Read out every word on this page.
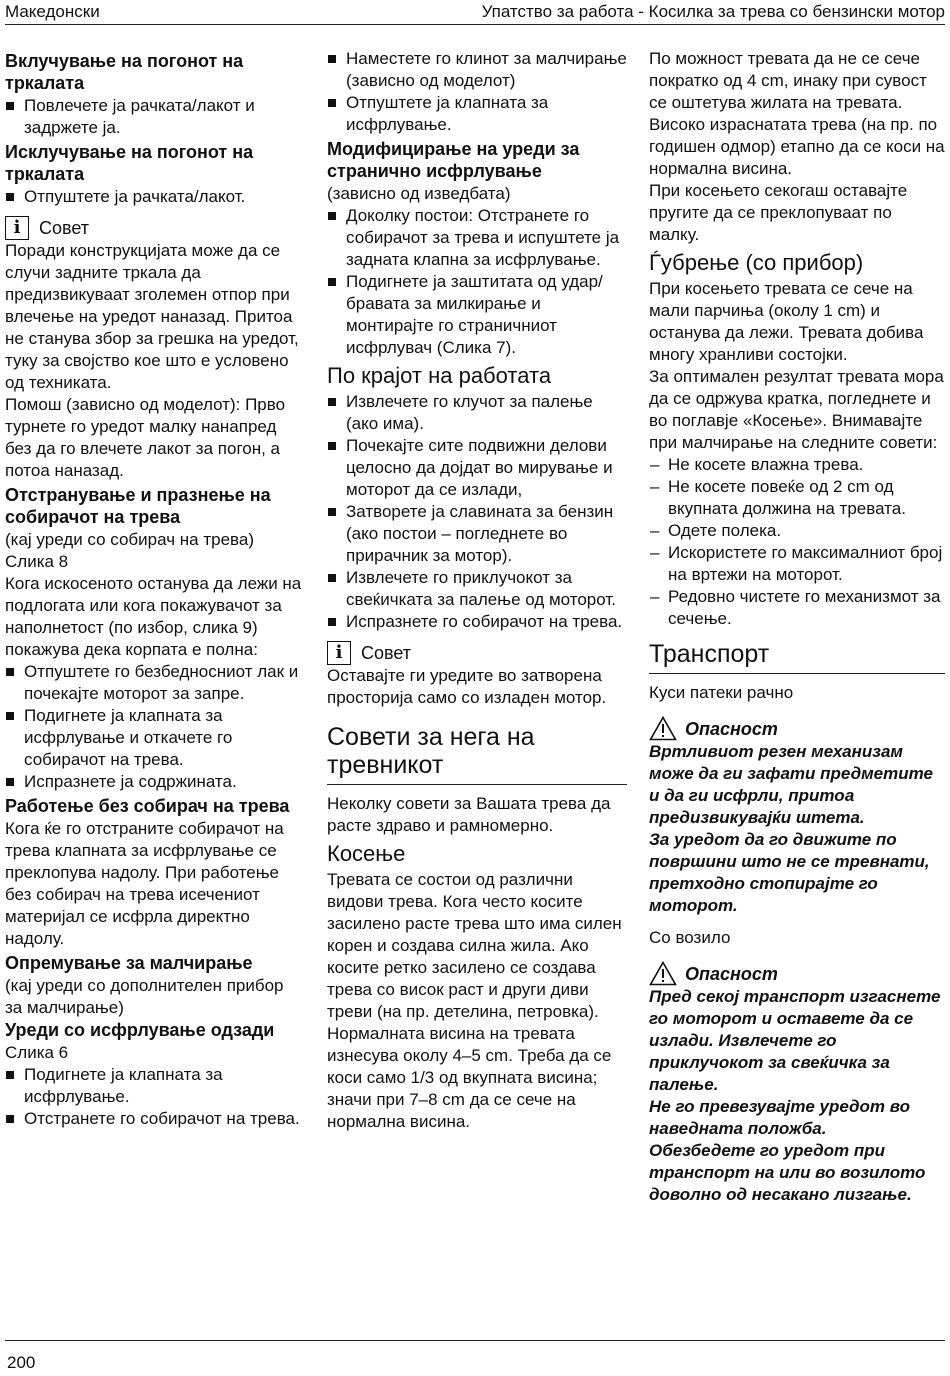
Македонски	Упатство за работа - Косилка за трева со бензински мотор
Вклучување на погонот на тркалата
Повлечете ја рачката/лакот и задржете ја.
Исклучување на погонот на тркалата
Отпуштете ја рачката/лакот.
i	Совет

Поради конструкцијата може да се случи задните тркала да предизвикуваат зголемен отпор при влечење на уредот наназад. Притоа не станува збор за грешка на уредот, туку за својство кое што е условено од техниката.

Помош (зависно од моделот): Прво турнете го уредот малку нанапред без да го влечете лакот за погон, а потоа наназад.

Отстранување и празнење на собирачот на трева

(кај уреди со собирач на трева)

Слика 8

Кога искосеното останува да лежи на подлогата или кога покажувачот за наполнетост (по избор, слика 9) покажува дека корпата е полна:

Отпуштете го безбедносниот лак и почекајте моторот за запре.
Подигнете ја клапната за исфрлување и откачете го собирачот на трева.
Испразнете ја содржината.
Работење без собирач на трева

Кога ќе го отстраните собирачот на трева клапната за исфрлување се преклопува надолу. При работење без собирач на трева исечениот материјал се исфрла директно надолу.

Опремување за малчирање

(кај уреди со дополнителен прибор за малчирање)

Уреди со исфрлување одзади

Слика 6

Подигнете ја клапната за исфрлување.
Отстранете го собирачот на трева.
Наместете го клинот за малчирање (зависно од моделот)
Отпуштете ја клапната за исфрлување.
Модифицирање на уреди за странично исфрлување

(зависно од изведбата)

Доколку постои: Отстранете го собирачот за трева и испуштете ја задната клапна за исфрлување.
Подигнете ја заштитата од удар/бравата за милкирање и монтирајте го страничниот исфрлувач (Слика 7).
По крајот на работата
Извлечете го клучот за палење (ако има).
Почекајте сите подвижни делови целосно да дојдат во мирување и моторот да се излади,
Затворете ја славината за бензин (ако постои – погледнете во прирачник за мотор).
Извлечете го приклучокот за свеќичката за палење од моторот.
Испразнете го собирачот на трева.
i	Совет

Оставајте ги уредите во затворена просторија само со изладен мотор.

Совети за нега на тревникот

Неколку совети за Вашата трева да расте здраво и рамномерно.

Косење

Тревата се состои од различни видови трева. Кога често косите засилено расте трева што има силен корен и создава силна жила. Ако косите ретко засилено се создава трева со висок раст и други диви треви (на пр. детелина, петровка).

Нормалната висина на тревата изнесува околу 4–5 cm. Треба да се коси само 1/3 од вкупната висина; значи при 7–8 cm да се сече на нормална висина.

По можност тревата да не се сече пократко од 4 cm, инаку при сувост се оштетува жилата на тревата.

Високо израснатата трева (на пр. по годишен одмор) етапно да се коси на нормална висина.

При косењето секогаш оставајте пругите да се преклопуваат по малку.

Ѓубрење (со прибор)

При косењето тревата се сече на мали парчиња (околу 1 cm) и останува да лежи. Тревата добива многу хранливи состојки.

За оптимален резултат тревата мора да се одржува кратка, погледнете и во поглавје «Косење». Внимавајте при малчирање на следните совети:

– Не косете влажна трева.
– Не косете повеќе од 2 cm од вкупната должина на тревата.
– Одете полека.
– Искористете го максималниот број на вртежи на моторот.
– Редовно чистете го механизмот за сечење.
Транспорт
Куси патеки рачно
Опасност

Вртливиот резен механизам може да ги зафати предметите и да ги исфрли, притоа предизвикувајќи штета.

За уредот да го движите по површини што не се тревнати, претходно стопирајте го моторот.

Со возило
Опасност

Пред секој транспорт изгаснете го моторот и оставете да се излади. Извлечете го приклучокот за свеќичка за палење.

Не го превезувајте уредот во наведната положба.

Обезбедете го уредот при транспорт на или во возилото доволно од несакано лизгање.

200
